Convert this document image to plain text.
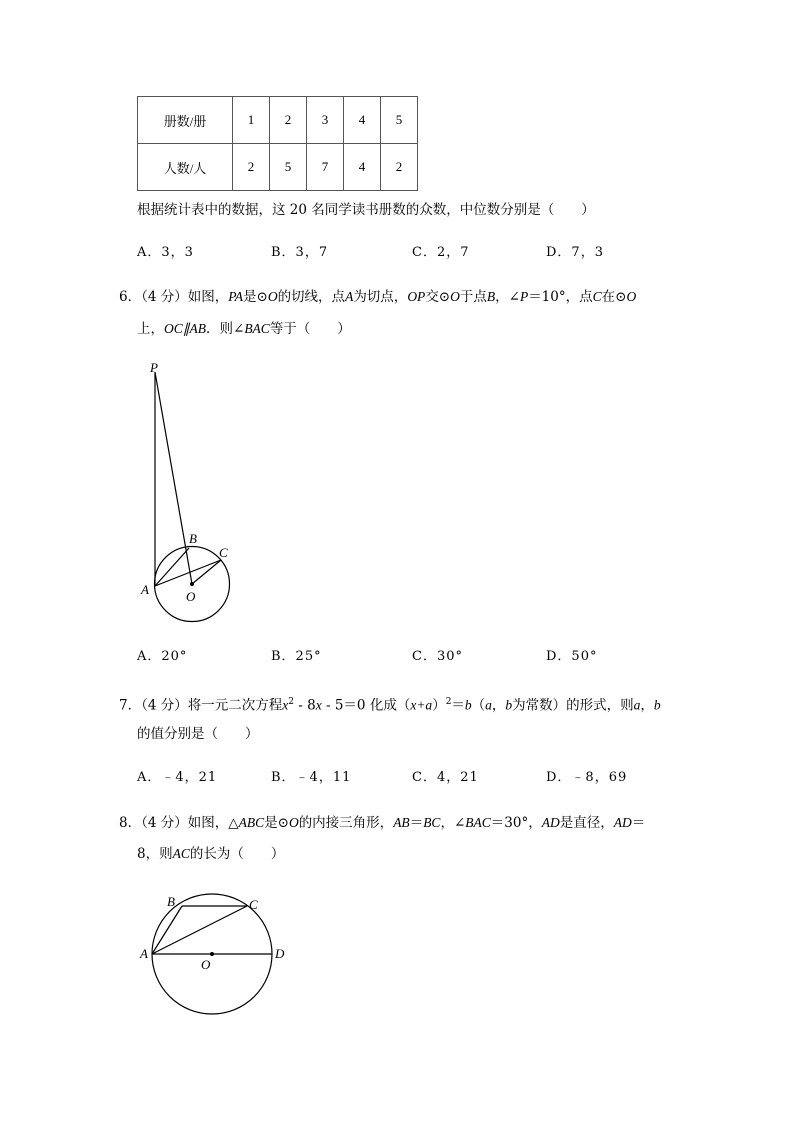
册数/册	1	2	3	4	5
人数/人	2	5	7	4	2
根据统计表中的数据，这 20 名同学读书册数的众数，中位数分别是（　　）
A．3，3	B．3，7	C．2，7	D．7，3
6．（4 分）如图，PA是⊙O的切线，点A为切点，OP交⊙O于点B，∠P＝10°，点C在⊙O
上，OC∥AB．则∠BAC等于（　　）
P
B
C
A	O
A．20°	B．25°	C．30°	D．50°
7．（4 分）将一元二次方程$x^2 - 8x - 5=0$ 化成$(x+a)^2=b(a$，b为常数）的形式，则a，b
的值分别是（　　）
A．﹣4，21	B．﹣4，11	C．4，21	D．﹣8，69
8．（4 分）如图，△ABC是⊙O的内接三角形，AB＝BC，∠BAC＝30°，AD是直径，AD＝
8，则AC的长为（　　）
B	C
A	D
O
